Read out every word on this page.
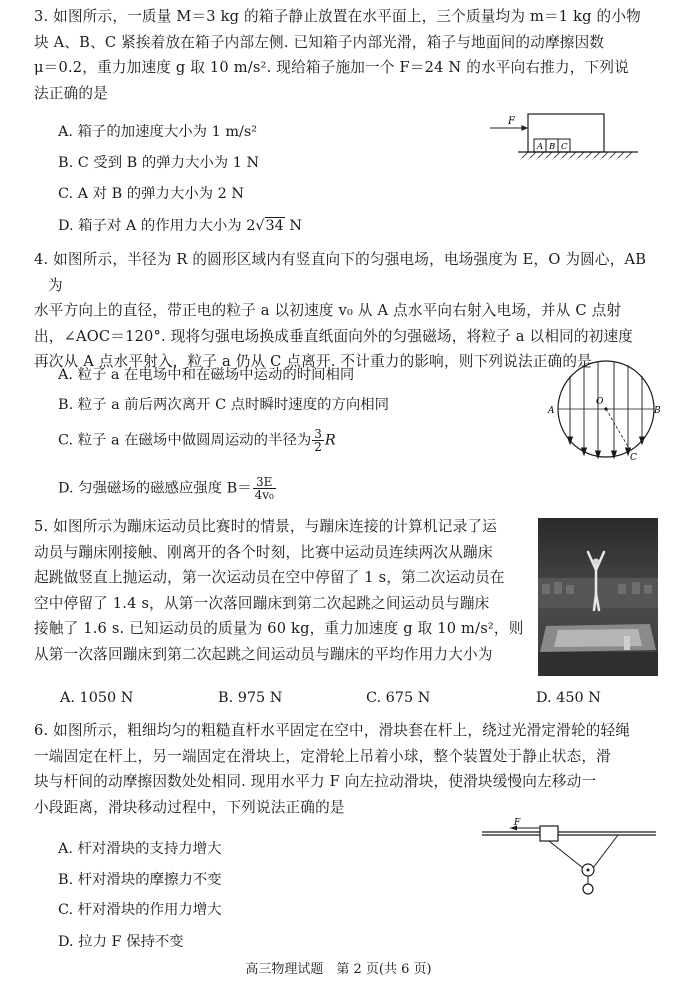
3. 如图所示，一质量 M＝3 kg 的箱子静止放置在水平面上，三个质量均为 m＝1 kg 的小物

块 A、B、C 紧挨着放在箱子内部左侧. 已知箱子内部光滑，箱子与地面间的动摩擦因数

μ＝0.2，重力加速度 g 取 10 m/s². 现给箱子施加一个 F＝24 N 的水平向右推力，下列说

法正确的是

A. 箱子的加速度大小为 1 m/s²
B. C 受到 B 的弹力大小为 1 N
C. A 对 B 的弹力大小为 2 N
D. 箱子对 A 的作用力大小为 2√34 N
F
A B C

4. 如图所示，半径为 R 的圆形区域内有竖直向下的匀强电场，电场强度为 E，O 为圆心，AB 为

水平方向上的直径，带正电的粒子 a 以初速度 v₀ 从 A 点水平向右射入电场，并从 C 点射

出，∠AOC＝120°. 现将匀强电场换成垂直纸面向外的匀强磁场，将粒子 a 以相同的初速度

再次从 A 点水平射入，粒子 a 仍从 C 点离开. 不计重力的影响，则下列说法正确的是

A. 粒子 a 在电场中和在磁场中运动的时间相同
B. 粒子 a 前后两次离开 C 点时瞬时速度的方向相同
C. 粒子 a 在磁场中做圆周运动的半径为 $\frac{3}{2}$ R
D. 匀强磁场的磁感应强度 $B= \frac{3E}{\text{4v₀}}$
O
A	B
C

5. 如图所示为蹦床运动员比赛时的情景，与蹦床连接的计算机记录了运

动员与蹦床刚接触、刚离开的各个时刻，比赛中运动员连续两次从蹦床

起跳做竖直上抛运动，第一次运动员在空中停留了 1 s，第二次运动员在

空中停留了 1.4 s，从第一次落回蹦床到第二次起跳之间运动员与蹦床

接触了 1.6 s. 已知运动员的质量为 60 kg，重力加速度 g 取 10 m/s²，则

从第一次落回蹦床到第二次起跳之间运动员与蹦床的平均作用力大小为

A. 1050 N	B. 975 N	C. 675 N	D. 450 N

6. 如图所示，粗细均匀的粗糙直杆水平固定在空中，滑块套在杆上，绕过光滑定滑轮的轻绳

一端固定在杆上，另一端固定在滑块上，定滑轮上吊着小球，整个装置处于静止状态，滑

块与杆间的动摩擦因数处处相同. 现用水平力 F 向左拉动滑块，使滑块缓慢向左移动一

小段距离，滑块移动过程中，下列说法正确的是

A. 杆对滑块的支持力增大
B. 杆对滑块的摩擦力不变
C. 杆对滑块的作用力增大
D. 拉力 F 保持不变
F
高三物理试题　第 2 页(共 6 页)
